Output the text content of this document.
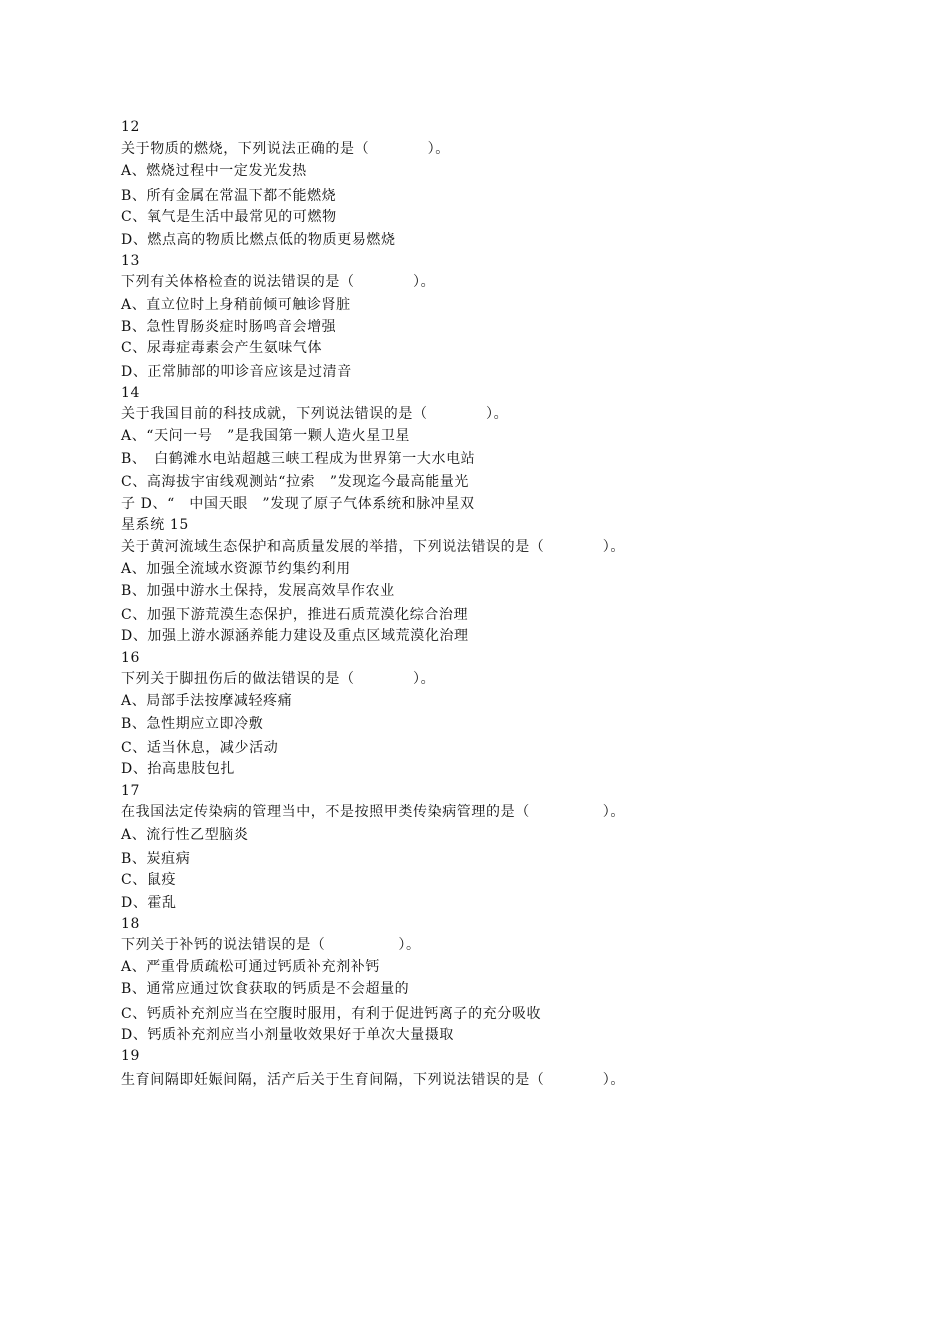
12
关于物质的燃烧，下列说法正确的是（　　　　）。
A、燃烧过程中一定发光发热
B、所有金属在常温下都不能燃烧
C、氧气是生活中最常见的可燃物
D、燃点高的物质比燃点低的物质更易燃烧
13
下列有关体格检查的说法错误的是（　　　　）。
A、直立位时上身稍前倾可触诊肾脏
B、急性胃肠炎症时肠鸣音会增强
C、尿毒症毒素会产生氨味气体
D、正常肺部的叩诊音应该是过清音
14
关于我国目前的科技成就，下列说法错误的是（　　　　）。
A、“天问一号　”是我国第一颗人造火星卫星
B、　白鹤滩水电站超越三峡工程成为世界第一大水电站
C、高海拔宇宙线观测站“拉索　”发现迄今最高能量光
子 D、“　中国天眼　”发现了原子气体系统和脉冲星双
星系统 15
关于黄河流域生态保护和高质量发展的举措，下列说法错误的是（　　　　）。
A、加强全流域水资源节约集约利用
B、加强中游水土保持，发展高效旱作农业
C、加强下游荒漠生态保护，推进石质荒漠化综合治理
D、加强上游水源涵养能力建设及重点区域荒漠化治理
16
下列关于脚扭伤后的做法错误的是（　　　　）。
A、局部手法按摩减轻疼痛
B、急性期应立即冷敷
C、适当休息，减少活动
D、抬高患肢包扎
17
在我国法定传染病的管理当中，不是按照甲类传染病管理的是（　　　　　）。
A、流行性乙型脑炎
B、炭疽病
C、鼠疫
D、霍乱
18
下列关于补钙的说法错误的是（　　　　　）。
A、严重骨质疏松可通过钙质补充剂补钙
B、通常应通过饮食获取的钙质是不会超量的
C、钙质补充剂应当在空腹时服用，有利于促进钙离子的充分吸收
D、钙质补充剂应当小剂量收效果好于单次大量摄取
19
生育间隔即妊娠间隔，活产后关于生育间隔，下列说法错误的是（　　　　）。
